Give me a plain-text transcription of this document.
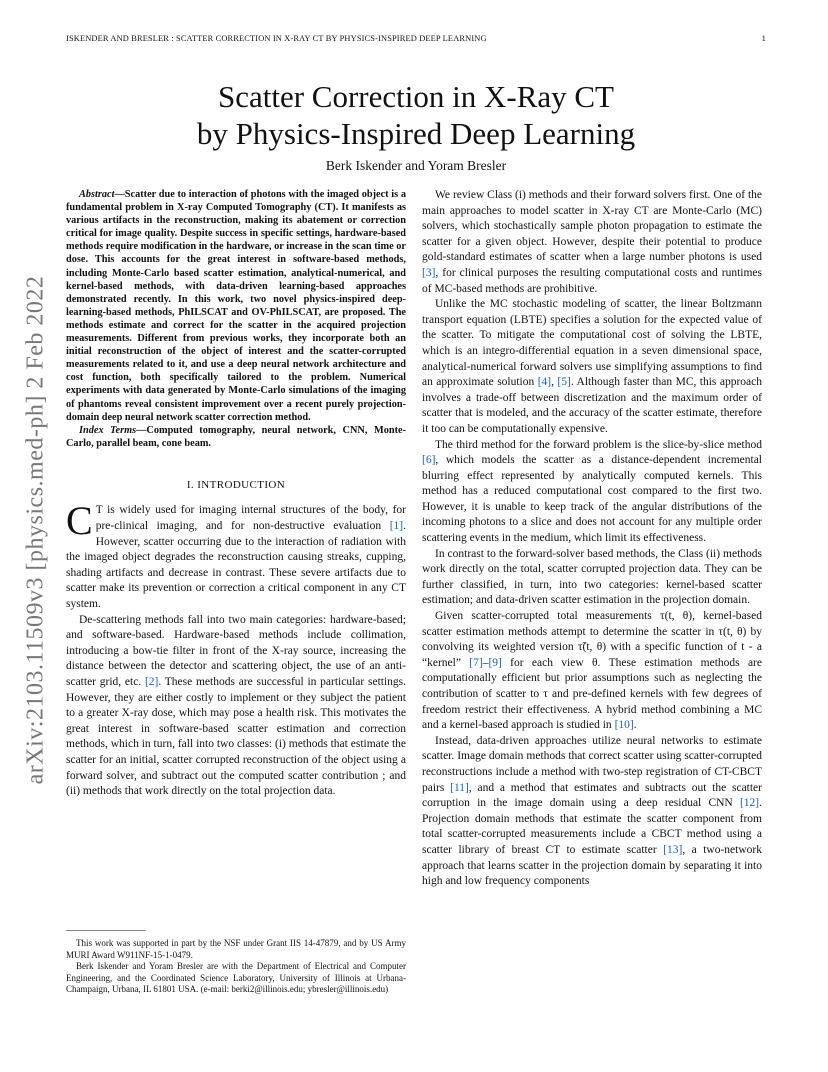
ISKENDER AND BRESLER : SCATTER CORRECTION IN X-RAY CT BY PHYSICS-INSPIRED DEEP LEARNING	1
arXiv:2103.11509v3 [physics.med-ph] 2 Feb 2022
Scatter Correction in X-Ray CT
by Physics-Inspired Deep Learning
Berk Iskender and Yoram Bresler

Abstract—Scatter due to interaction of photons with the imaged object is a fundamental problem in X-ray Computed Tomography (CT). It manifests as various artifacts in the reconstruction, making its abatement or correction critical for image quality. Despite success in specific settings, hardware-based methods require modification in the hardware, or increase in the scan time or dose. This accounts for the great interest in software-based methods, including Monte-Carlo based scatter estimation, analytical-numerical, and kernel-based methods, with data-driven learning-based approaches demonstrated recently. In this work, two novel physics-inspired deep-learning-based methods, PhILSCAT and OV-PhILSCAT, are proposed. The methods estimate and correct for the scatter in the acquired projection measurements. Different from previous works, they incorporate both an initial reconstruction of the object of interest and the scatter-corrupted measurements related to it, and use a deep neural network architecture and cost function, both specifically tailored to the problem. Numerical experiments with data generated by Monte-Carlo simulations of the imaging of phantoms reveal consistent improvement over a recent purely projection-domain deep neural network scatter correction method.

Index Terms—Computed tomography, neural network, CNN, Monte-Carlo, parallel beam, cone beam.

I. INTRODUCTION

C T is widely used for imaging internal structures of the body, for pre-clinical imaging, and for non-destructive evaluation [1]. However, scatter occurring due to the interaction of radiation with the imaged object degrades the reconstruction causing streaks, cupping, shading artifacts and decrease in contrast. These severe artifacts due to scatter make its prevention or correction a critical component in any CT system.

De-scattering methods fall into two main categories: hardware-based; and software-based. Hardware-based methods include collimation, introducing a bow-tie filter in front of the X-ray source, increasing the distance between the detector and scattering object, the use of an anti-scatter grid, etc. [2]. These methods are successful in particular settings. However, they are either costly to implement or they subject the patient to a greater X-ray dose, which may pose a health risk. This motivates the great interest in software-based scatter estimation and correction methods, which in turn, fall into two classes: (i) methods that estimate the scatter for an initial, scatter corrupted reconstruction of the object using a forward solver, and subtract out the computed scatter contribution ; and (ii) methods that work directly on the total projection data.

We review Class (i) methods and their forward solvers first. One of the main approaches to model scatter in X-ray CT are Monte-Carlo (MC) solvers, which stochastically sample photon propagation to estimate the scatter for a given object. However, despite their potential to produce gold-standard estimates of scatter when a large number photons is used [3], for clinical purposes the resulting computational costs and runtimes of MC-based methods are prohibitive.

Unlike the MC stochastic modeling of scatter, the linear Boltzmann transport equation (LBTE) specifies a solution for the expected value of the scatter. To mitigate the computational cost of solving the LBTE, which is an integro-differential equation in a seven dimensional space, analytical-numerical forward solvers use simplifying assumptions to find an approximate solution [4], [5]. Although faster than MC, this approach involves a trade-off between discretization and the maximum order of scatter that is modeled, and the accuracy of the scatter estimate, therefore it too can be computationally expensive.

The third method for the forward problem is the slice-by-slice method [6], which models the scatter as a distance-dependent incremental blurring effect represented by analytically computed kernels. This method has a reduced computational cost compared to the first two. However, it is unable to keep track of the angular distributions of the incoming photons to a slice and does not account for any multiple order scattering events in the medium, which limit its effectiveness.

In contrast to the forward-solver based methods, the Class (ii) methods work directly on the total, scatter corrupted projection data. They can be further classified, in turn, into two categories: kernel-based scatter estimation; and data-driven scatter estimation in the projection domain.

Given scatter-corrupted total measurements τ(t, θ), kernel-based scatter estimation methods attempt to determine the scatter in τ(t, θ) by convolving its weighted version τ̃(t, θ) with a specific function of t - a “kernel” [7]–[9] for each view θ. These estimation methods are computationally efficient but prior assumptions such as neglecting the contribution of scatter to τ and pre-defined kernels with few degrees of freedom restrict their effectiveness. A hybrid method combining a MC and a kernel-based approach is studied in [10].

Instead, data-driven approaches utilize neural networks to estimate scatter. Image domain methods that correct scatter using scatter-corrupted reconstructions include a method with two-step registration of CT-CBCT pairs [11], and a method that estimates and subtracts out the scatter corruption in the image domain using a deep residual CNN [12]. Projection domain methods that estimate the scatter component from total scatter-corrupted measurements include a CBCT method using a scatter library of breast CT to estimate scatter [13], a two-network approach that learns scatter in the projection domain by separating it into high and low frequency components

This work was supported in part by the NSF under Grant IIS 14-47879, and by US Army MURI Award W911NF-15-1-0479.

Berk Iskender and Yoram Bresler are with the Department of Electrical and Computer Engineering, and the Coordinated Science Laboratory, University of Illinois at Urbana-Champaign, Urbana, IL 61801 USA. (e-mail: berki2@illinois.edu; ybresler@illinois.edu)
